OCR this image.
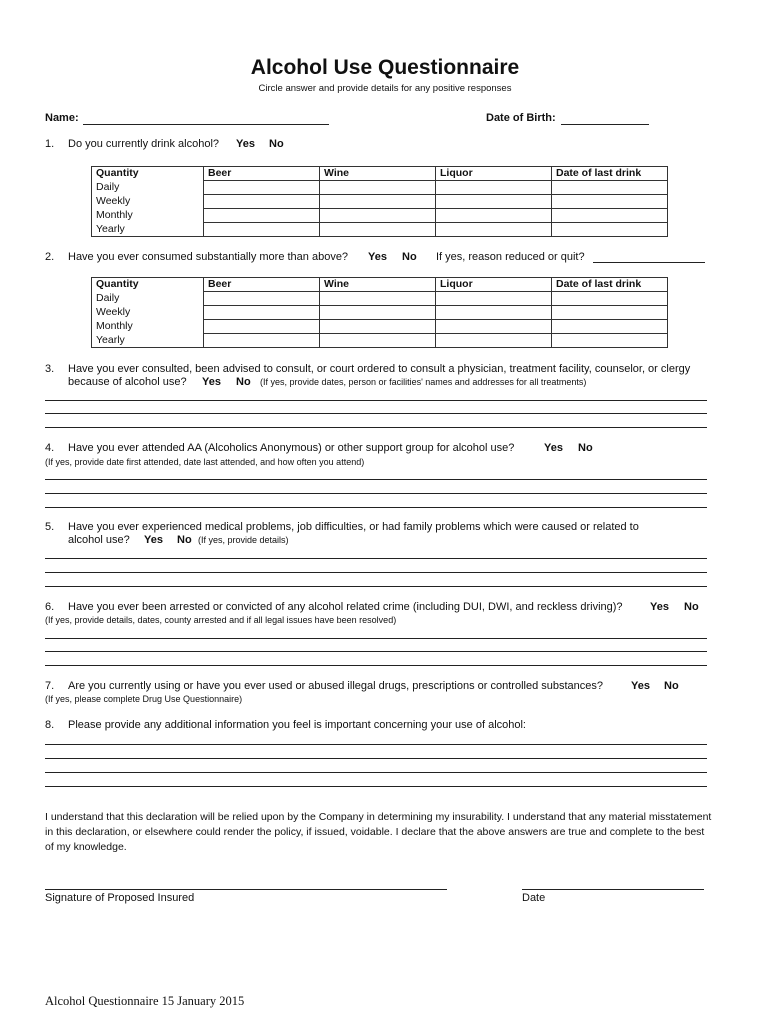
Alcohol Use Questionnaire
Circle answer and provide details for any positive responses
Name:	Date of Birth:
1. Do you currently drink alcohol? Yes No
Quantity	Beer	Wine	Liquor	Date of last drink
Daily				
Weekly				
Monthly				
Yearly				
2. Have you ever consumed substantially more than above? Yes No If yes, reason reduced or quit?
Quantity	Beer	Wine	Liquor	Date of last drink
Daily				
Weekly				
Monthly				
Yearly				
3. Have you ever consulted, been advised to consult, or court ordered to consult a physician, treatment facility, counselor, or clergy
because of alcohol use? Yes No (If yes, provide dates, person or facilities' names and addresses for all treatments)
4. Have you ever attended AA (Alcoholics Anonymous) or other support group for alcohol use?	Yes No
(If yes, provide date first attended, date last attended, and how often you attend)
5. Have you ever experienced medical problems, job difficulties, or had family problems which were caused or related to
alcohol use? Yes No (If yes, provide details)
6. Have you ever been arrested or convicted of any alcohol related crime (including DUI, DWI, and reckless driving)? Yes No
(If yes, provide details, dates, county arrested and if all legal issues have been resolved)
7. Are you currently using or have you ever used or abused illegal drugs, prescriptions or controlled substances?	Yes No
(If yes, please complete Drug Use Questionnaire)
8. Please provide any additional information you feel is important concerning your use of alcohol:
I understand that this declaration will be relied upon by the Company in determining my insurability. I understand that any material misstatement in this declaration, or elsewhere could render the policy, if issued, voidable. I declare that the above answers are true and complete to the best of my knowledge.
Signature of Proposed Insured	Date
Alcohol Questionnaire 15 January 2015
